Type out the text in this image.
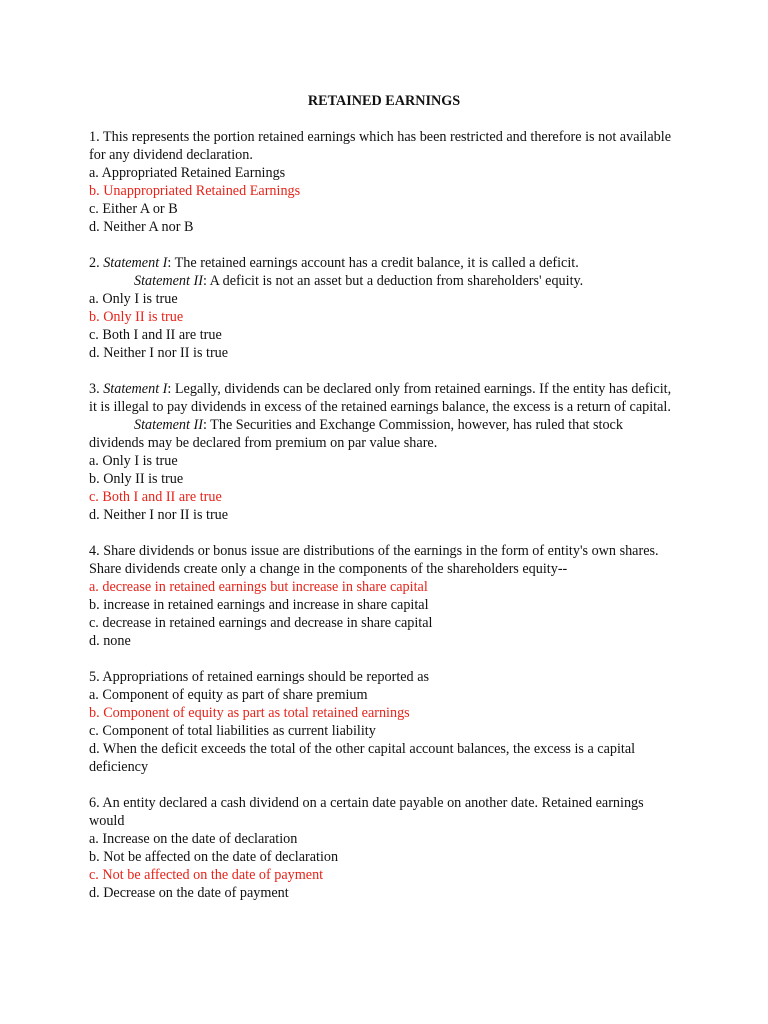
RETAINED EARNINGS
1. This represents the portion retained earnings which has been restricted and therefore is not available for any dividend declaration.
a. Appropriated Retained Earnings
b. Unappropriated Retained Earnings
c. Either A or B
d. Neither A nor B
2. Statement I: The retained earnings account has a credit balance, it is called a deficit.
Statement II: A deficit is not an asset but a deduction from shareholders' equity.
a. Only I is true
b. Only II is true
c. Both I and II are true
d. Neither I nor II is true
3. Statement I: Legally, dividends can be declared only from retained earnings. If the entity has deficit, it is illegal to pay dividends in excess of the retained earnings balance, the excess is a return of capital.
Statement II: The Securities and Exchange Commission, however, has ruled that stock dividends may be declared from premium on par value share.
a. Only I is true
b. Only II is true
c. Both I and II are true
d. Neither I nor II is true
4. Share dividends or bonus issue are distributions of the earnings in the form of entity's own shares. Share dividends create only a change in the components of the shareholders equity--
a. decrease in retained earnings but increase in share capital
b. increase in retained earnings and increase in share capital
c. decrease in retained earnings and decrease in share capital
d. none
5. Appropriations of retained earnings should be reported as
a. Component of equity as part of share premium
b. Component of equity as part as total retained earnings
c. Component of total liabilities as current liability
d. When the deficit exceeds the total of the other capital account balances, the excess is a capital deficiency
6. An entity declared a cash dividend on a certain date payable on another date. Retained earnings would
a. Increase on the date of declaration
b. Not be affected on the date of declaration
c. Not be affected on the date of payment
d. Decrease on the date of payment
